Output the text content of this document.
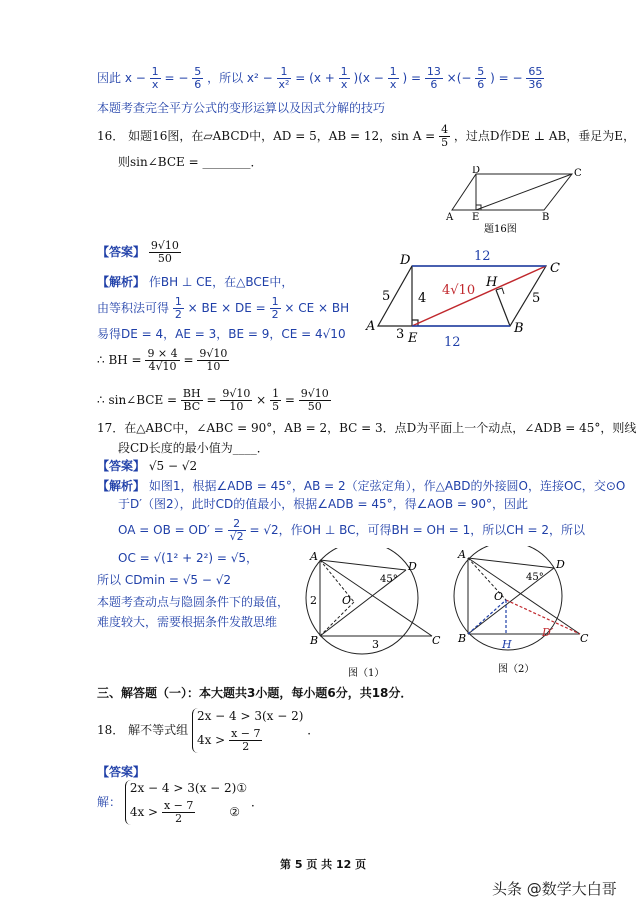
因此 $x - \frac{1}{x}$ = − $\frac{5}{6}$ ，所以 $x^2 - \frac{1}{\text{x²}} = (x + \frac{1}{x} )(x - \frac{1}{x}$ ) = $\frac{13}{6}$ ×(− $\frac{5}{6}$ ) = − $\frac{65}{36}$
本题考查完全平方公式的变形运算以及因式分解的技巧
16． 如题16图，在▱ABCD中，AD = 5，AB = 12，$\sin A = \frac{4}{5}$ ，过点D作DE ⊥ AB，垂足为E，
则sin∠BCE = ________．
D	C
A E	B
题16图
【答案】 $\frac{9√10}{50}$
【解析】 作BH ⊥ CE，在△BCE中，
由等积法可得 $\frac{1}{2}$ × BE × DE = $\frac{1}{2}$ × CE × BH
易得DE = 4，AE = 3，BE = 9，CE = 4√10
∴ BH = $\frac{9 \times 4}{4√10} = \frac{9√10}{10}$
∴ sin∠BCE = $\frac{BH}{BC} = \frac{9√10}{10} \times \frac{1}{5} = \frac{9√10}{50}$
D
C
A
E
B
H
12
12
5	5
4
3
4√10
17．在△ABC中，∠ABC = 90°，AB = 2，BC = 3．点D为平面上一个动点，∠ADB = 45°，则线
段CD长度的最小值为____．
【答案】 √5 − √2
【解析】 如图1，根据∠ADB = 45°，AB = 2（定弦定角），作△ABD的外接圆O，连接OC，交⊙O
于D′（图2），此时CD的值最小，根据∠ADB = 45°，得∠AOB = 90°，因此
OA = OB = $OD' = \frac{2}{√2} = √2$，作OH ⊥ BC，可得BH = OH = 1，所以CH = 2，所以
OC = √(1² + 2²) = √5，
所以 CDmin = √5 − √2
本题考查动点与隐圆条件下的最值，
难度较大，需要根据条件发散思维
A
B	C
D
O
45°
2
3
图（1）
A
B	C
D
O
H
D′
45°
图（2）
三、解答题（一）：本大题共3小题，每小题6分，共18分．
18． 解不等式组
2x − 4 > 3(x − 2)
$4x > \frac{x - 7}{2}$	．
【答案】
解：
2x − 4 > 3(x − 2)①
$4x > \frac{x - 7}{2}$	②
．
第 5 页 共 12 页
头条 @数学大白哥
